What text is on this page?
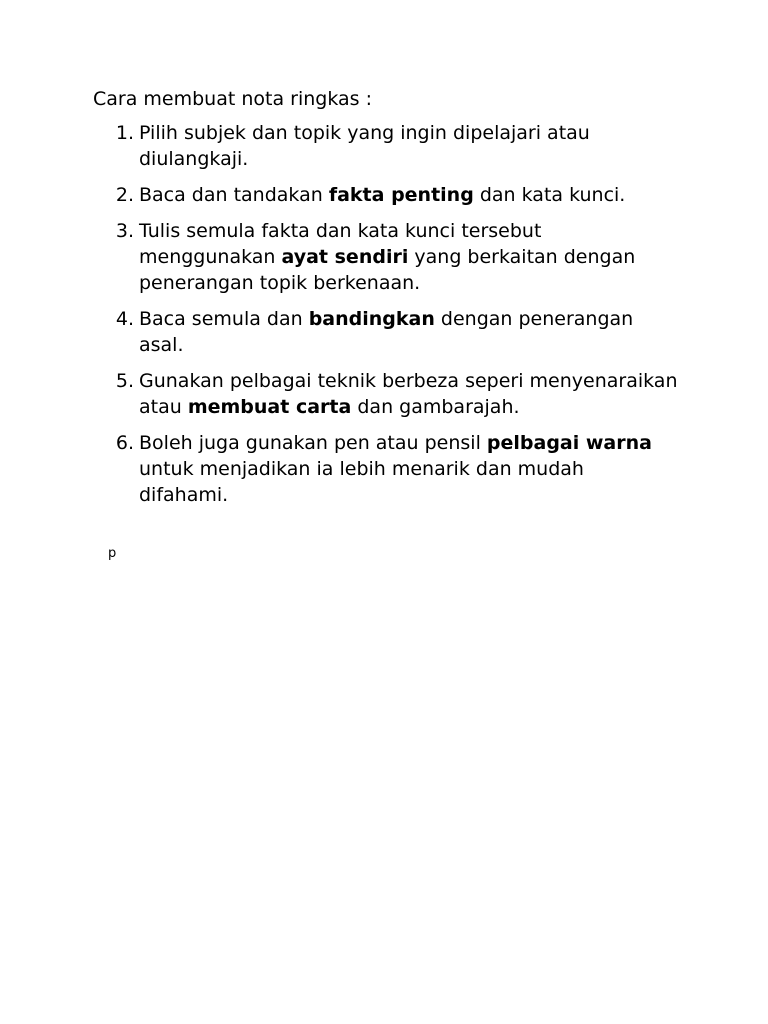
Cara membuat nota ringkas :
1. Pilih subjek dan topik yang ingin dipelajari atau diulangkaji.
2. Baca dan tandakan fakta penting dan kata kunci.
3. Tulis semula fakta dan kata kunci tersebut menggunakan ayat sendiri yang berkaitan dengan penerangan topik berkenaan.
4. Baca semula dan bandingkan dengan penerangan asal.
5. Gunakan pelbagai teknik berbeza seperi menyenaraikan atau membuat carta dan gambarajah.
6. Boleh juga gunakan pen atau pensil pelbagai warna untuk menjadikan ia lebih menarik dan mudah difahami.
p
